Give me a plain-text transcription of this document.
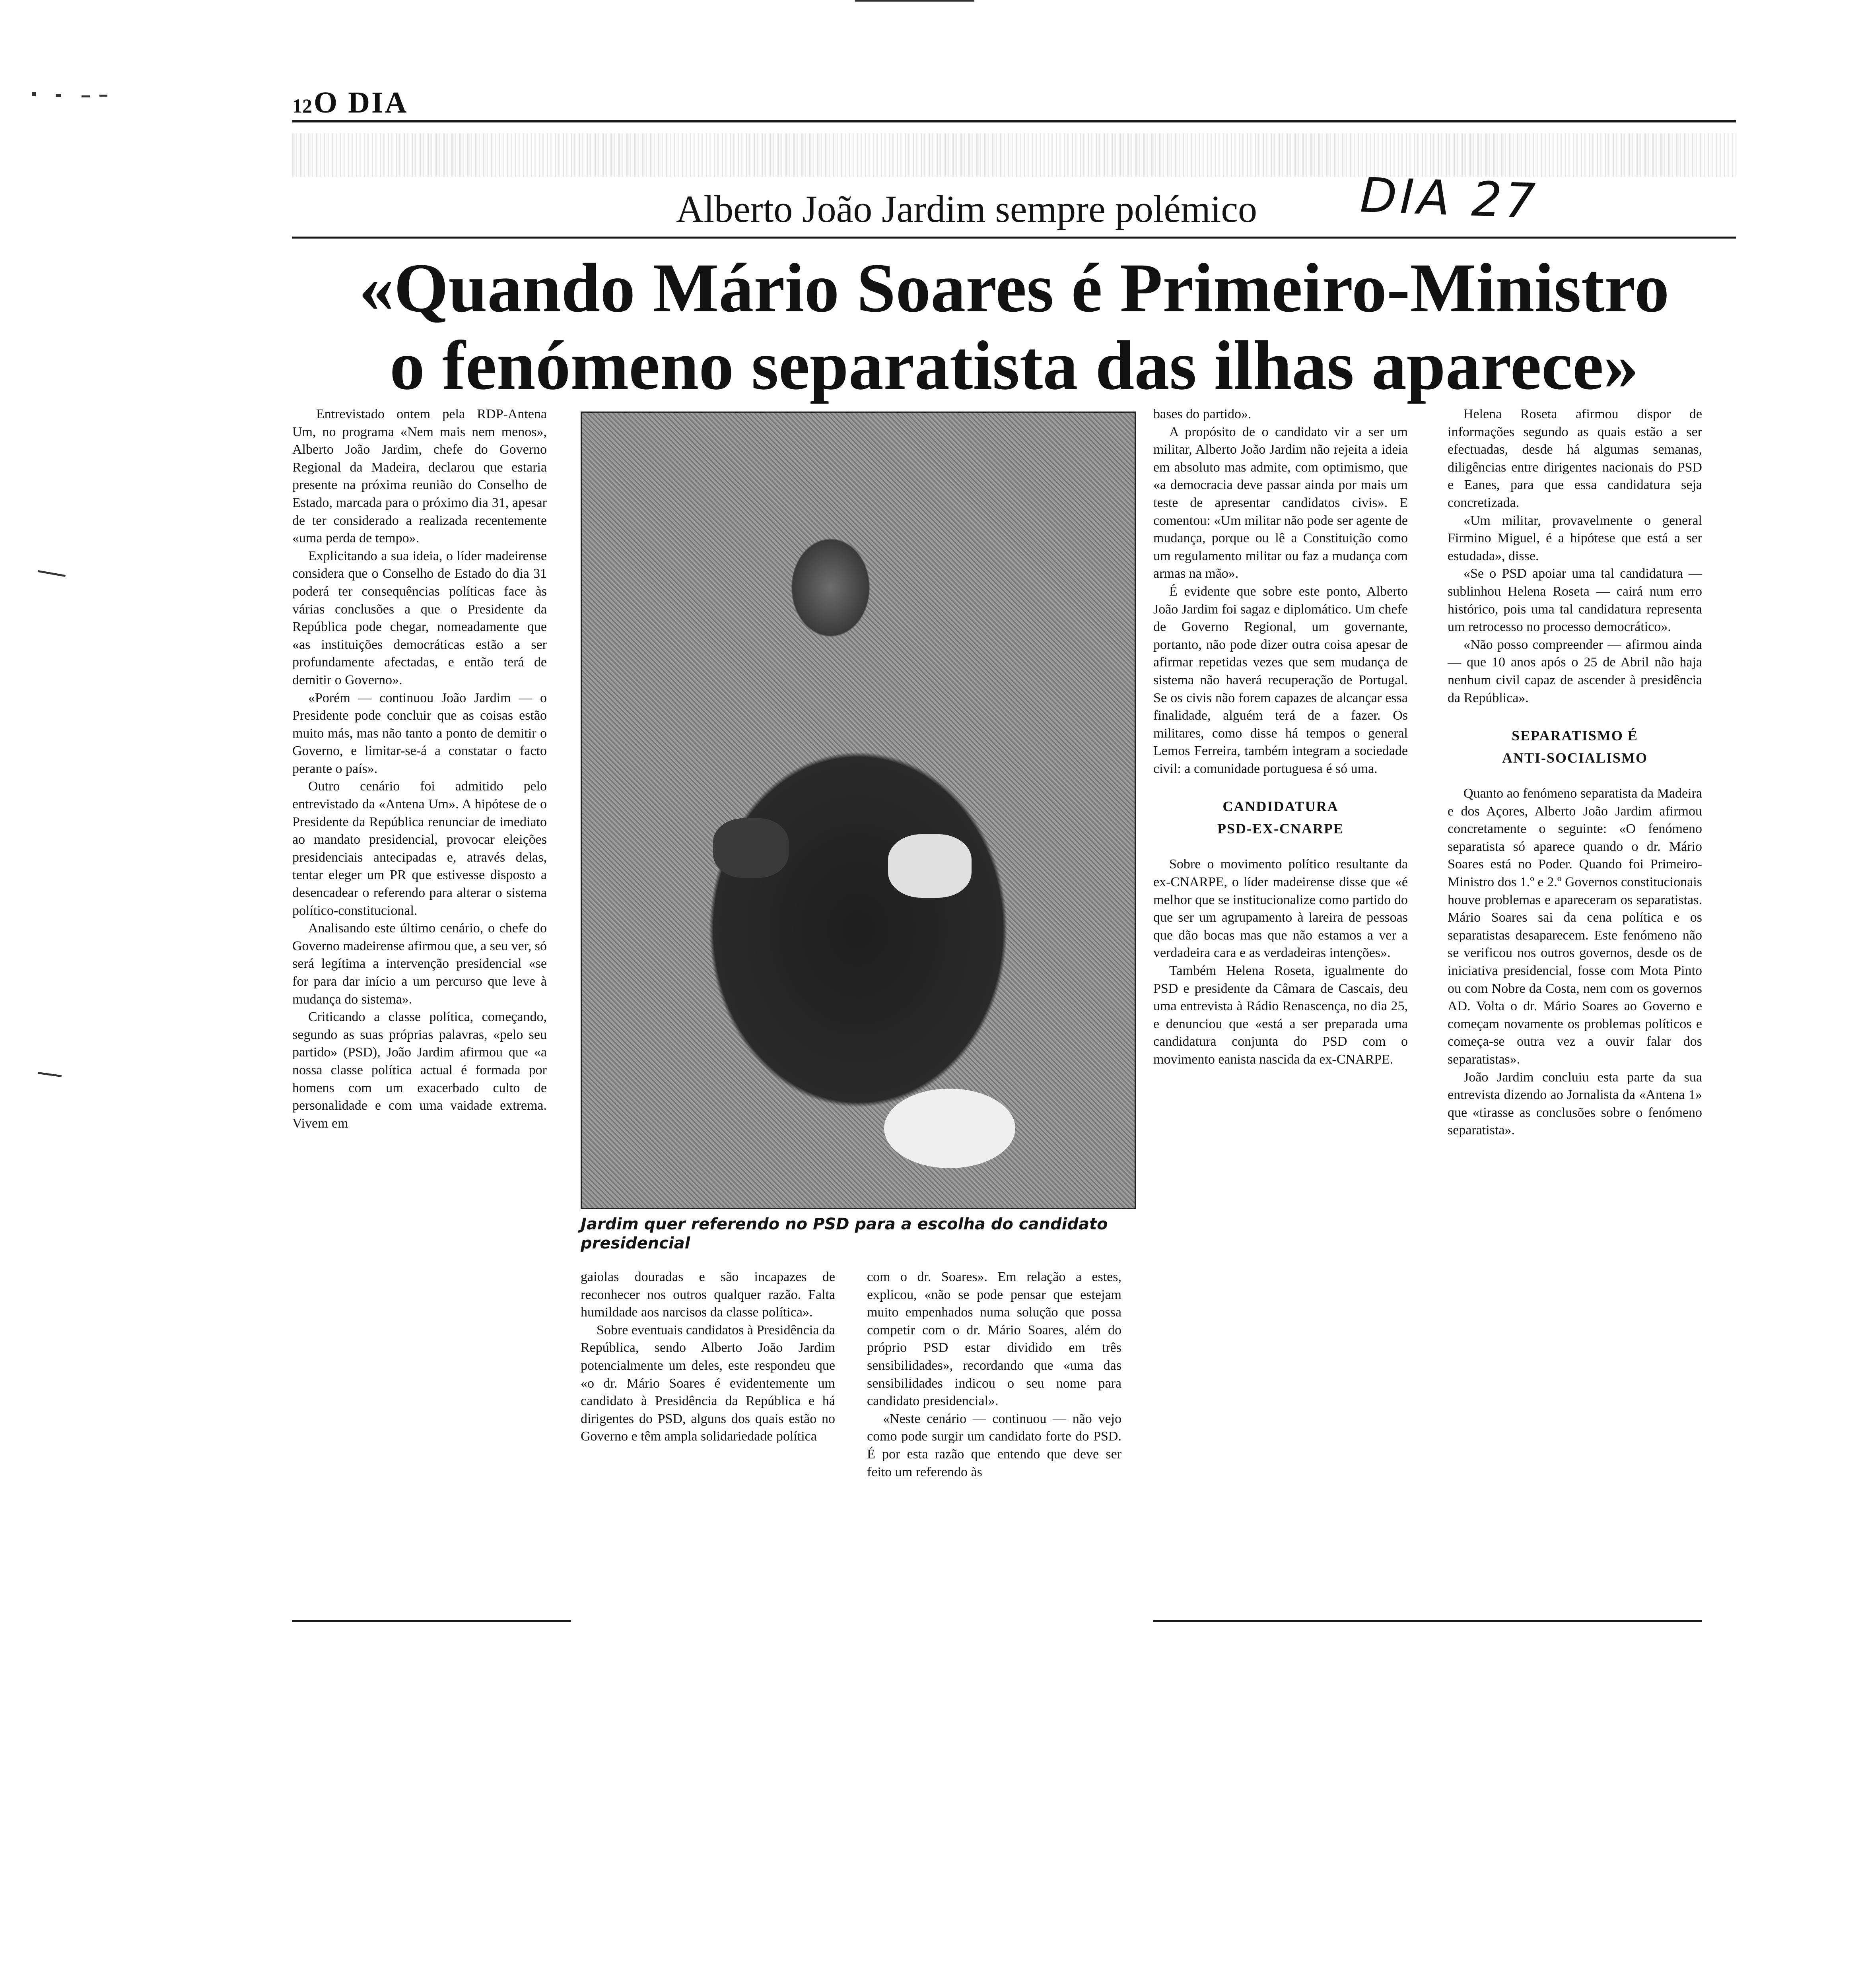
12 O DIA
Alberto João Jardim sempre polémico DIA 27
«Quando Mário Soares é Primeiro-Ministro
o fenómeno separatista das ilhas aparece»

Entrevistado ontem pela RDP-Antena Um, no programa «Nem mais nem menos», Alberto João Jardim, chefe do Governo Regional da Madeira, declarou que estaria presente na próxima reunião do Conselho de Estado, marcada para o próximo dia 31, apesar de ter considerado a realizada recentemente «uma perda de tempo».

Explicitando a sua ideia, o líder madeirense considera que o Conselho de Estado do dia 31 poderá ter consequências políticas face às várias conclusões a que o Presidente da República pode chegar, nomeadamente que «as instituições democráticas estão a ser profundamente afectadas, e então terá de demitir o Governo».

«Porém — continuou João Jardim — o Presidente pode concluir que as coisas estão muito más, mas não tanto a ponto de demitir o Governo, e limitar-se-á a constatar o facto perante o país».

Outro cenário foi admitido pelo entrevistado da «Antena Um». A hipótese de o Presidente da República renunciar de imediato ao mandato presidencial, provocar eleições presidenciais antecipadas e, através delas, tentar eleger um PR que estivesse disposto a desencadear o referendo para alterar o sistema político-constitucional.

Analisando este último cenário, o chefe do Governo madeirense afirmou que, a seu ver, só será legítima a intervenção presidencial «se for para dar início a um percurso que leve à mudança do sistema».

Criticando a classe política, começando, segundo as suas próprias palavras, «pelo seu partido» (PSD), João Jardim afirmou que «a nossa classe política actual é formada por homens com um exacerbado culto de personalidade e com uma vaidade extrema. Vivem em

Jardim quer referendo no PSD para a escolha do candidato presidencial

gaiolas douradas e são incapazes de reconhecer nos outros qualquer razão. Falta humildade aos narcisos da classe política».

Sobre eventuais candidatos à Presidência da República, sendo Alberto João Jardim potencialmente um deles, este respondeu que «o dr. Mário Soares é evidentemente um candidato à Presidência da República e há dirigentes do PSD, alguns dos quais estão no Governo e têm ampla solidariedade política

com o dr. Soares». Em relação a estes, explicou, «não se pode pensar que estejam muito empenhados numa solução que possa competir com o dr. Mário Soares, além do próprio PSD estar dividido em três sensibilidades», recordando que «uma das sensibilidades indicou o seu nome para candidato presidencial».

«Neste cenário — continuou — não vejo como pode surgir um candidato forte do PSD. É por esta razão que entendo que deve ser feito um referendo às

bases do partido».

A propósito de o candidato vir a ser um militar, Alberto João Jardim não rejeita a ideia em absoluto mas admite, com optimismo, que «a democracia deve passar ainda por mais um teste de apresentar candidatos civis». E comentou: «Um militar não pode ser agente de mudança, porque ou lê a Constituição como um regulamento militar ou faz a mudança com armas na mão».

É evidente que sobre este ponto, Alberto João Jardim foi sagaz e diplomático. Um chefe de Governo Regional, um governante, portanto, não pode dizer outra coisa apesar de afirmar repetidas vezes que sem mudança de sistema não haverá recuperação de Portugal. Se os civis não forem capazes de alcançar essa finalidade, alguém terá de a fazer. Os militares, como disse há tempos o general Lemos Ferreira, também integram a sociedade civil: a comunidade portuguesa é só uma.

CANDIDATURA
PSD-EX-CNARPE

Sobre o movimento político resultante da ex-CNARPE, o líder madeirense disse que «é melhor que se institucionalize como partido do que ser um agrupamento à lareira de pessoas que dão bocas mas que não estamos a ver a verdadeira cara e as verdadeiras intenções».

Também Helena Roseta, igualmente do PSD e presidente da Câmara de Cascais, deu uma entrevista à Rádio Renascença, no dia 25, e denunciou que «está a ser preparada uma candidatura conjunta do PSD com o movimento eanista nascida da ex-CNARPE.

Helena Roseta afirmou dispor de informações segundo as quais estão a ser efectuadas, desde há algumas semanas, diligências entre dirigentes nacionais do PSD e Eanes, para que essa candidatura seja concretizada.

«Um militar, provavelmente o general Firmino Miguel, é a hipótese que está a ser estudada», disse.

«Se o PSD apoiar uma tal candidatura — sublinhou Helena Roseta — cairá num erro histórico, pois uma tal candidatura representa um retrocesso no processo democrático».

«Não posso compreender — afirmou ainda — que 10 anos após o 25 de Abril não haja nenhum civil capaz de ascender à presidência da República».

SEPARATISMO É
ANTI-SOCIALISMO

Quanto ao fenómeno separatista da Madeira e dos Açores, Alberto João Jardim afirmou concretamente o seguinte: «O fenómeno separatista só aparece quando o dr. Mário Soares está no Poder. Quando foi Primeiro-Ministro dos 1.º e 2.º Governos constitucionais houve problemas e apareceram os separatistas. Mário Soares sai da cena política e os separatistas desaparecem. Este fenómeno não se verificou nos outros governos, desde os de iniciativa presidencial, fosse com Mota Pinto ou com Nobre da Costa, nem com os governos AD. Volta o dr. Mário Soares ao Governo e começam novamente os problemas políticos e começa-se outra vez a ouvir falar dos separatistas».

João Jardim concluiu esta parte da sua entrevista dizendo ao Jornalista da «Antena 1» que «tirasse as conclusões sobre o fenómeno separatista».
